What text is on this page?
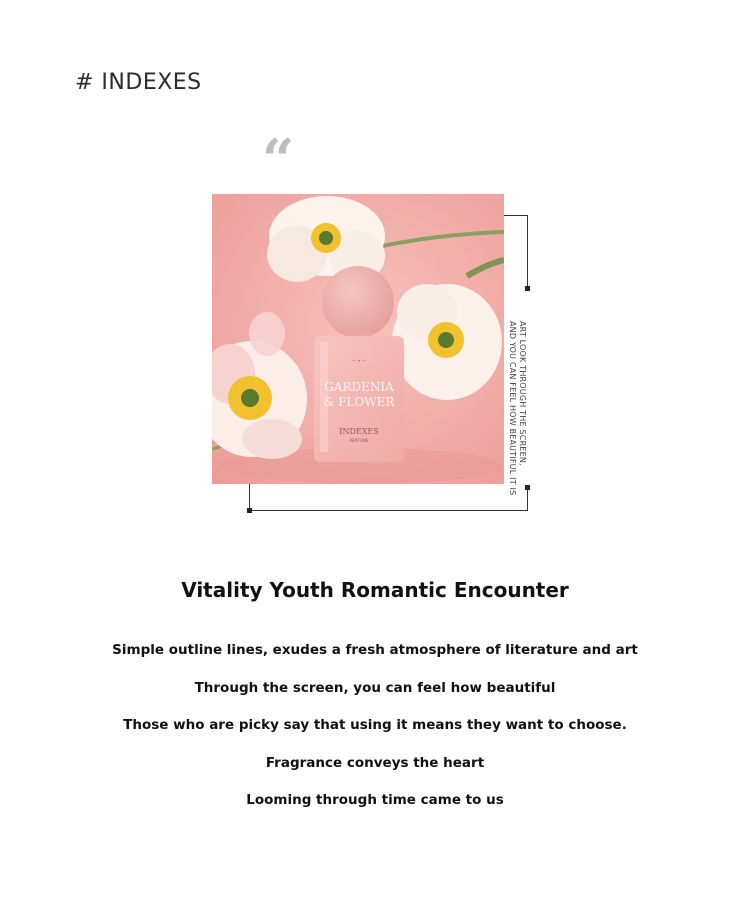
# INDEXES
“
— ✦ —
GARDENIA
& FLOWER
INDEXES
PERFUME	ART LOOK THROUGH THE SCREEN,
AND YOU CAN FEEL HOW BEAUTIFUL IT IS
Vitality Youth Romantic Encounter
Simple outline lines, exudes a fresh atmosphere of literature and art
Through the screen, you can feel how beautiful
Those who are picky say that using it means they want to choose.
Fragrance conveys the heart
Looming through time came to us
